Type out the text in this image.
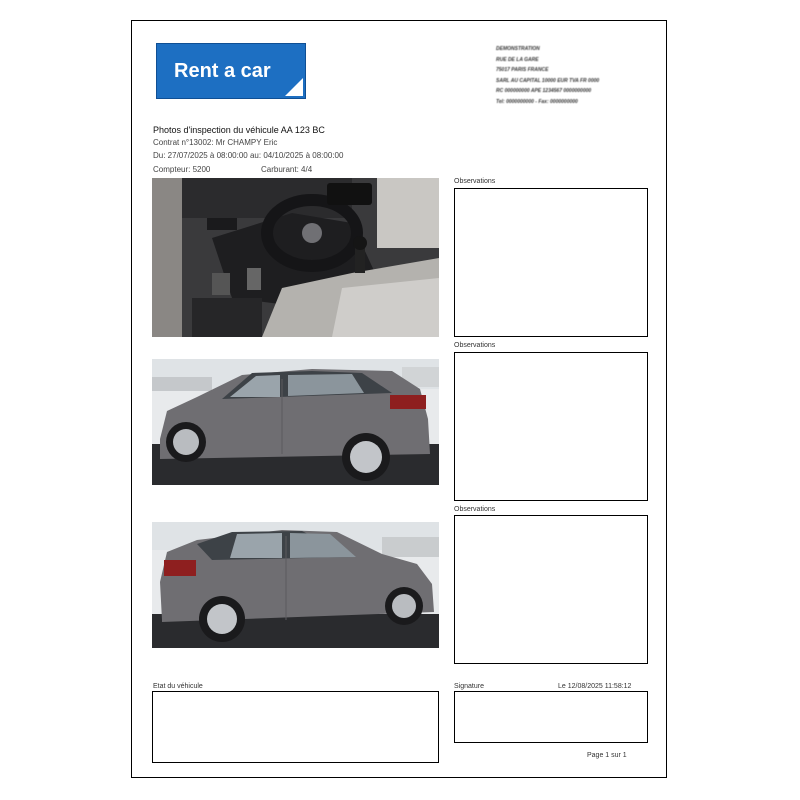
Rent a car
DEMONSTRATION
RUE DE LA GARE
75017 PARIS FRANCE
SARL AU CAPITAL 10000 EUR TVA FR 0000
RC 000000000 APE 1234567 0000000000
Tel: 0000000000 - Fax: 0000000000
Photos d'inspection du véhicule AA 123 BC
Contrat n°13002: Mr CHAMPY Eric
Du: 27/07/2025 à 08:00:00 au: 04/10/2025 à 08:00:00
Compteur: 5200	Carburant: 4/4
Observations
Observations
Observations
Etat du véhicule	Signature	Le 12/08/2025 11:58:12
Page 1 sur 1
